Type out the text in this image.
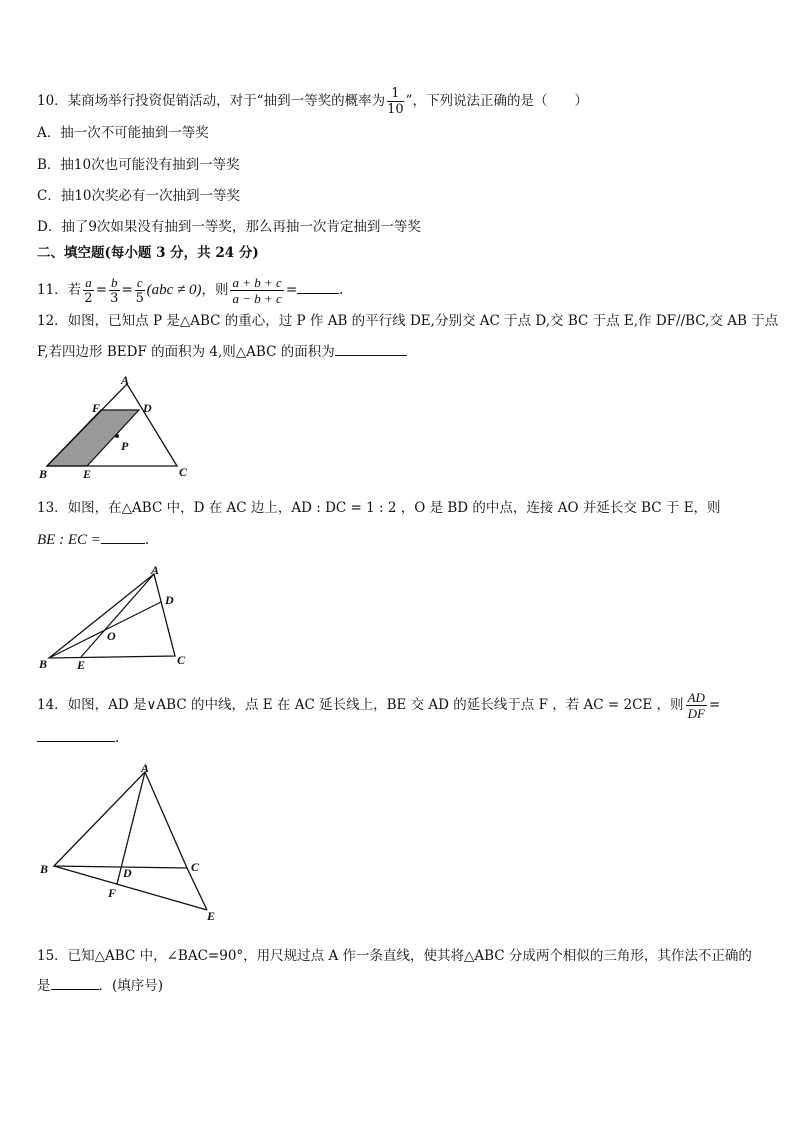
10．某商场举行投资促销活动，对于“抽到一等奖的概率为 $\frac{1}{10}$ ”，下列说法正确的是（　　）
A．抽一次不可能抽到一等奖
B．抽10次也可能没有抽到一等奖
C．抽10次奖必有一次抽到一等奖
D．抽了9次如果没有抽到一等奖，那么再抽一次肯定抽到一等奖
二、填空题(每小题 3 分，共 24 分)
11．若 $\frac{a}{2} = \frac{b}{3} = \frac{c}{5} (abc \ne 0)$，则 $\frac{a + b + c}{a - b + c}$ =	.
12．如图，已知点 P 是△ABC 的重心，过 P 作 AB 的平行线 DE,分别交 AC 于点 D,交 BC 于点 E,作 DF//BC,交 AB 于点
F,若四边形 BEDF 的面积为 4,则△ABC 的面积为
A
B	C
D
E
F
P
13．如图，在△ABC 中，D 在 AC 边上，AD : DC = 1 : 2 ，O 是 BD 的中点，连接 AO 并延长交 BC 于 E，则
BE : EC =	.
A
B	C
D
E
O
14．如图，AD 是∨ABC 的中线，点 E 在 AC 延长线上，BE 交 AD 的延长线于点 F ，若 AC = 2CE ，则 $\frac{AD}{DF}$ =
.
A
B	C
D
E
F
15．已知△ABC 中，∠BAC=90°，用尺规过点 A 作一条直线，使其将△ABC 分成两个相似的三角形，其作法不正确的
是	．(填序号)
